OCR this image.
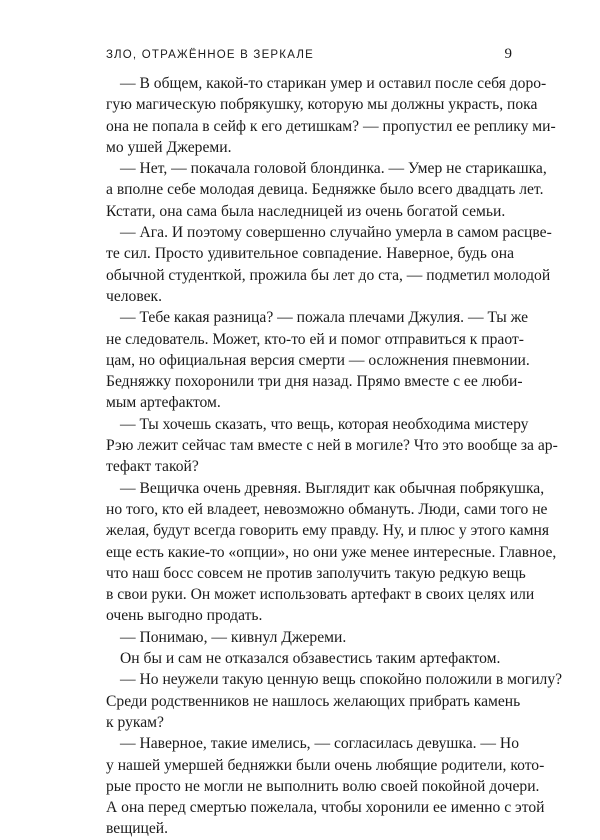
ЗЛО, ОТРАЖЁННОЕ В ЗЕРКАЛЕ	9
— В общем, какой-то старикан умер и оставил после себя доро-
гую магическую побрякушку, которую мы должны украсть, пока
она не попала в сейф к его детишкам? — пропустил ее реплику ми-
мо ушей Джереми.
— Нет, — покачала головой блондинка. — Умер не старикашка,
а вполне себе молодая девица. Бедняжке было всего двадцать лет.
Кстати, она сама была наследницей из очень богатой семьи.
— Ага. И поэтому совершенно случайно умерла в самом расцве-
те сил. Просто удивительное совпадение. Наверное, будь она
обычной студенткой, прожила бы лет до ста, — подметил молодой
человек.
— Тебе какая разница? — пожала плечами Джулия. — Ты же
не следователь. Может, кто-то ей и помог отправиться к праот-
цам, но официальная версия смерти — осложнения пневмонии.
Бедняжку похоронили три дня назад. Прямо вместе с ее люби-
мым артефактом.
— Ты хочешь сказать, что вещь, которая необходима мистеру
Рэю лежит сейчас там вместе с ней в могиле? Что это вообще за ар-
тефакт такой?
— Вещичка очень древняя. Выглядит как обычная побрякушка,
но того, кто ей владеет, невозможно обмануть. Люди, сами того не
желая, будут всегда говорить ему правду. Ну, и плюс у этого камня
еще есть какие-то «опции», но они уже менее интересные. Главное,
что наш босс совсем не против заполучить такую редкую вещь
в свои руки. Он может использовать артефакт в своих целях или
очень выгодно продать.
— Понимаю, — кивнул Джереми.
Он бы и сам не отказался обзавестись таким артефактом.
— Но неужели такую ценную вещь спокойно положили в могилу?
Среди родственников не нашлось желающих прибрать камень
к рукам?
— Наверное, такие имелись, — согласилась девушка. — Но
у нашей умершей бедняжки были очень любящие родители, кото-
рые просто не могли не выполнить волю своей покойной дочери.
А она перед смертью пожелала, чтобы хоронили ее именно с этой
вещицей.
